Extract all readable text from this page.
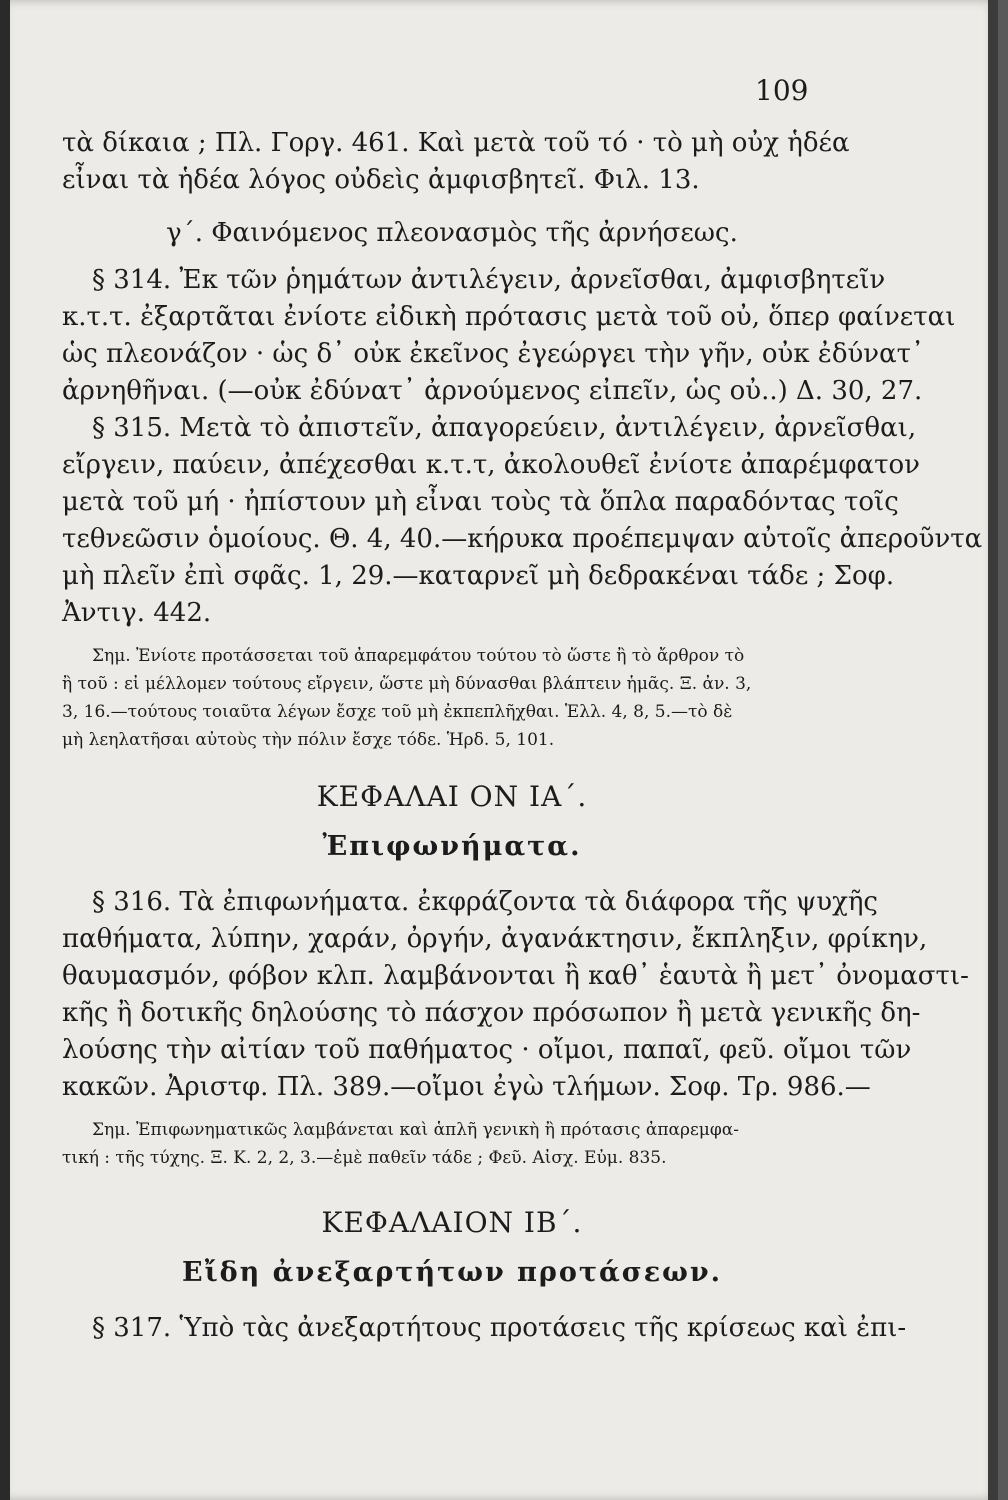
109
τὰ δίκαια ; Πλ. Γοργ. 461. Καὶ μετὰ τοῦ τό · τὸ μὴ οὐχ ἡδέα
εἶναι τὰ ἡδέα λόγος οὐδεὶς ἀμφισβητεῖ. Φιλ. 13.
γ΄. Φαινόμενος πλεονασμὸς τῆς ἀρνήσεως.
§ 314. Ἐκ τῶν ῥημάτων ἀντιλέγειν, ἀρνεῖσθαι, ἀμφισβητεῖν
κ.τ.τ. ἐξαρτᾶται ἐνίοτε εἰδικὴ πρότασις μετὰ τοῦ οὐ, ὅπερ φαίνεται
ὡς πλεονάζον · ὡς δ᾿ οὐκ ἐκεῖνος ἐγεώργει τὴν γῆν, οὐκ ἐδύνατ᾿
ἀρνηθῆναι. (—οὐκ ἐδύνατ᾿ ἀρνούμενος εἰπεῖν, ὡς οὐ..) Δ. 30, 27.
§ 315. Μετὰ τὸ ἀπιστεῖν, ἀπαγορεύειν, ἀντιλέγειν, ἀρνεῖσθαι,
εἴργειν, παύειν, ἀπέχεσθαι κ.τ.τ, ἀκολουθεῖ ἐνίοτε ἀπαρέμφατον
μετὰ τοῦ μή · ἠπίστουν μὴ εἶναι τοὺς τὰ ὅπλα παραδόντας τοῖς
τεθνεῶσιν ὁμοίους. Θ. 4, 40.—κήρυκα προέπεμψαν αὐτοῖς ἀπεροῦντα
μὴ πλεῖν ἐπὶ σφᾶς. 1, 29.—καταρνεῖ μὴ δεδρακέναι τάδε ; Σοφ.
Ἀντιγ. 442.
Σημ. Ἐνίοτε προτάσσεται τοῦ ἀπαρεμφάτου τούτου τὸ ὥστε ἢ τὸ ἄρθρον τὸ
ἢ τοῦ : εἰ μέλλομεν τούτους εἴργειν, ὥστε μὴ δύνασθαι βλάπτειν ἡμᾶς. Ξ. ἀν. 3,
3, 16.—τούτους τοιαῦτα λέγων ἔσχε τοῦ μὴ ἐκπεπλῆχθαι. Ἑλλ. 4, 8, 5.—τὸ δὲ
μὴ λεηλατῆσαι αὐτοὺς τὴν πόλιν ἔσχε τόδε. Ἡρδ. 5, 101.
ΚΕΦΑΛΑΙ ΟΝ ΙΑ΄.
Ἐπιφωνήματα.
§ 316. Τὰ ἐπιφωνήματα. ἐκφράζοντα τὰ διάφορα τῆς ψυχῆς
παθήματα, λύπην, χαράν, ὀργήν, ἀγανάκτησιν, ἔκπληξιν, φρίκην,
θαυμασμόν, φόβον κλπ. λαμβάνονται ἢ καθ᾿ ἑαυτὰ ἢ μετ᾿ ὀνομαστι-
κῆς ἢ δοτικῆς δηλούσης τὸ πάσχον πρόσωπον ἢ μετὰ γενικῆς δη-
λούσης τὴν αἰτίαν τοῦ παθήματος · οἴμοι, παπαῖ, φεῦ. οἴμοι τῶν
κακῶν. Ἀριστφ. Πλ. 389.—οἴμοι ἐγὼ τλήμων. Σοφ. Τρ. 986.—
Σημ. Ἐπιφωνηματικῶς λαμβάνεται καὶ ἁπλῆ γενικὴ ἢ πρότασις ἀπαρεμφα-
τική : τῆς τύχης. Ξ. Κ. 2, 2, 3.—ἐμὲ παθεῖν τάδε ; Φεῦ. Αἰσχ. Εὐμ. 835.
ΚΕΦΑΛΑΙΟΝ ΙΒ΄.
Εἴδη ἀνεξαρτήτων προτάσεων.
§ 317. Ὑπὸ τὰς ἀνεξαρτήτους προτάσεις τῆς κρίσεως καὶ ἐπι-
